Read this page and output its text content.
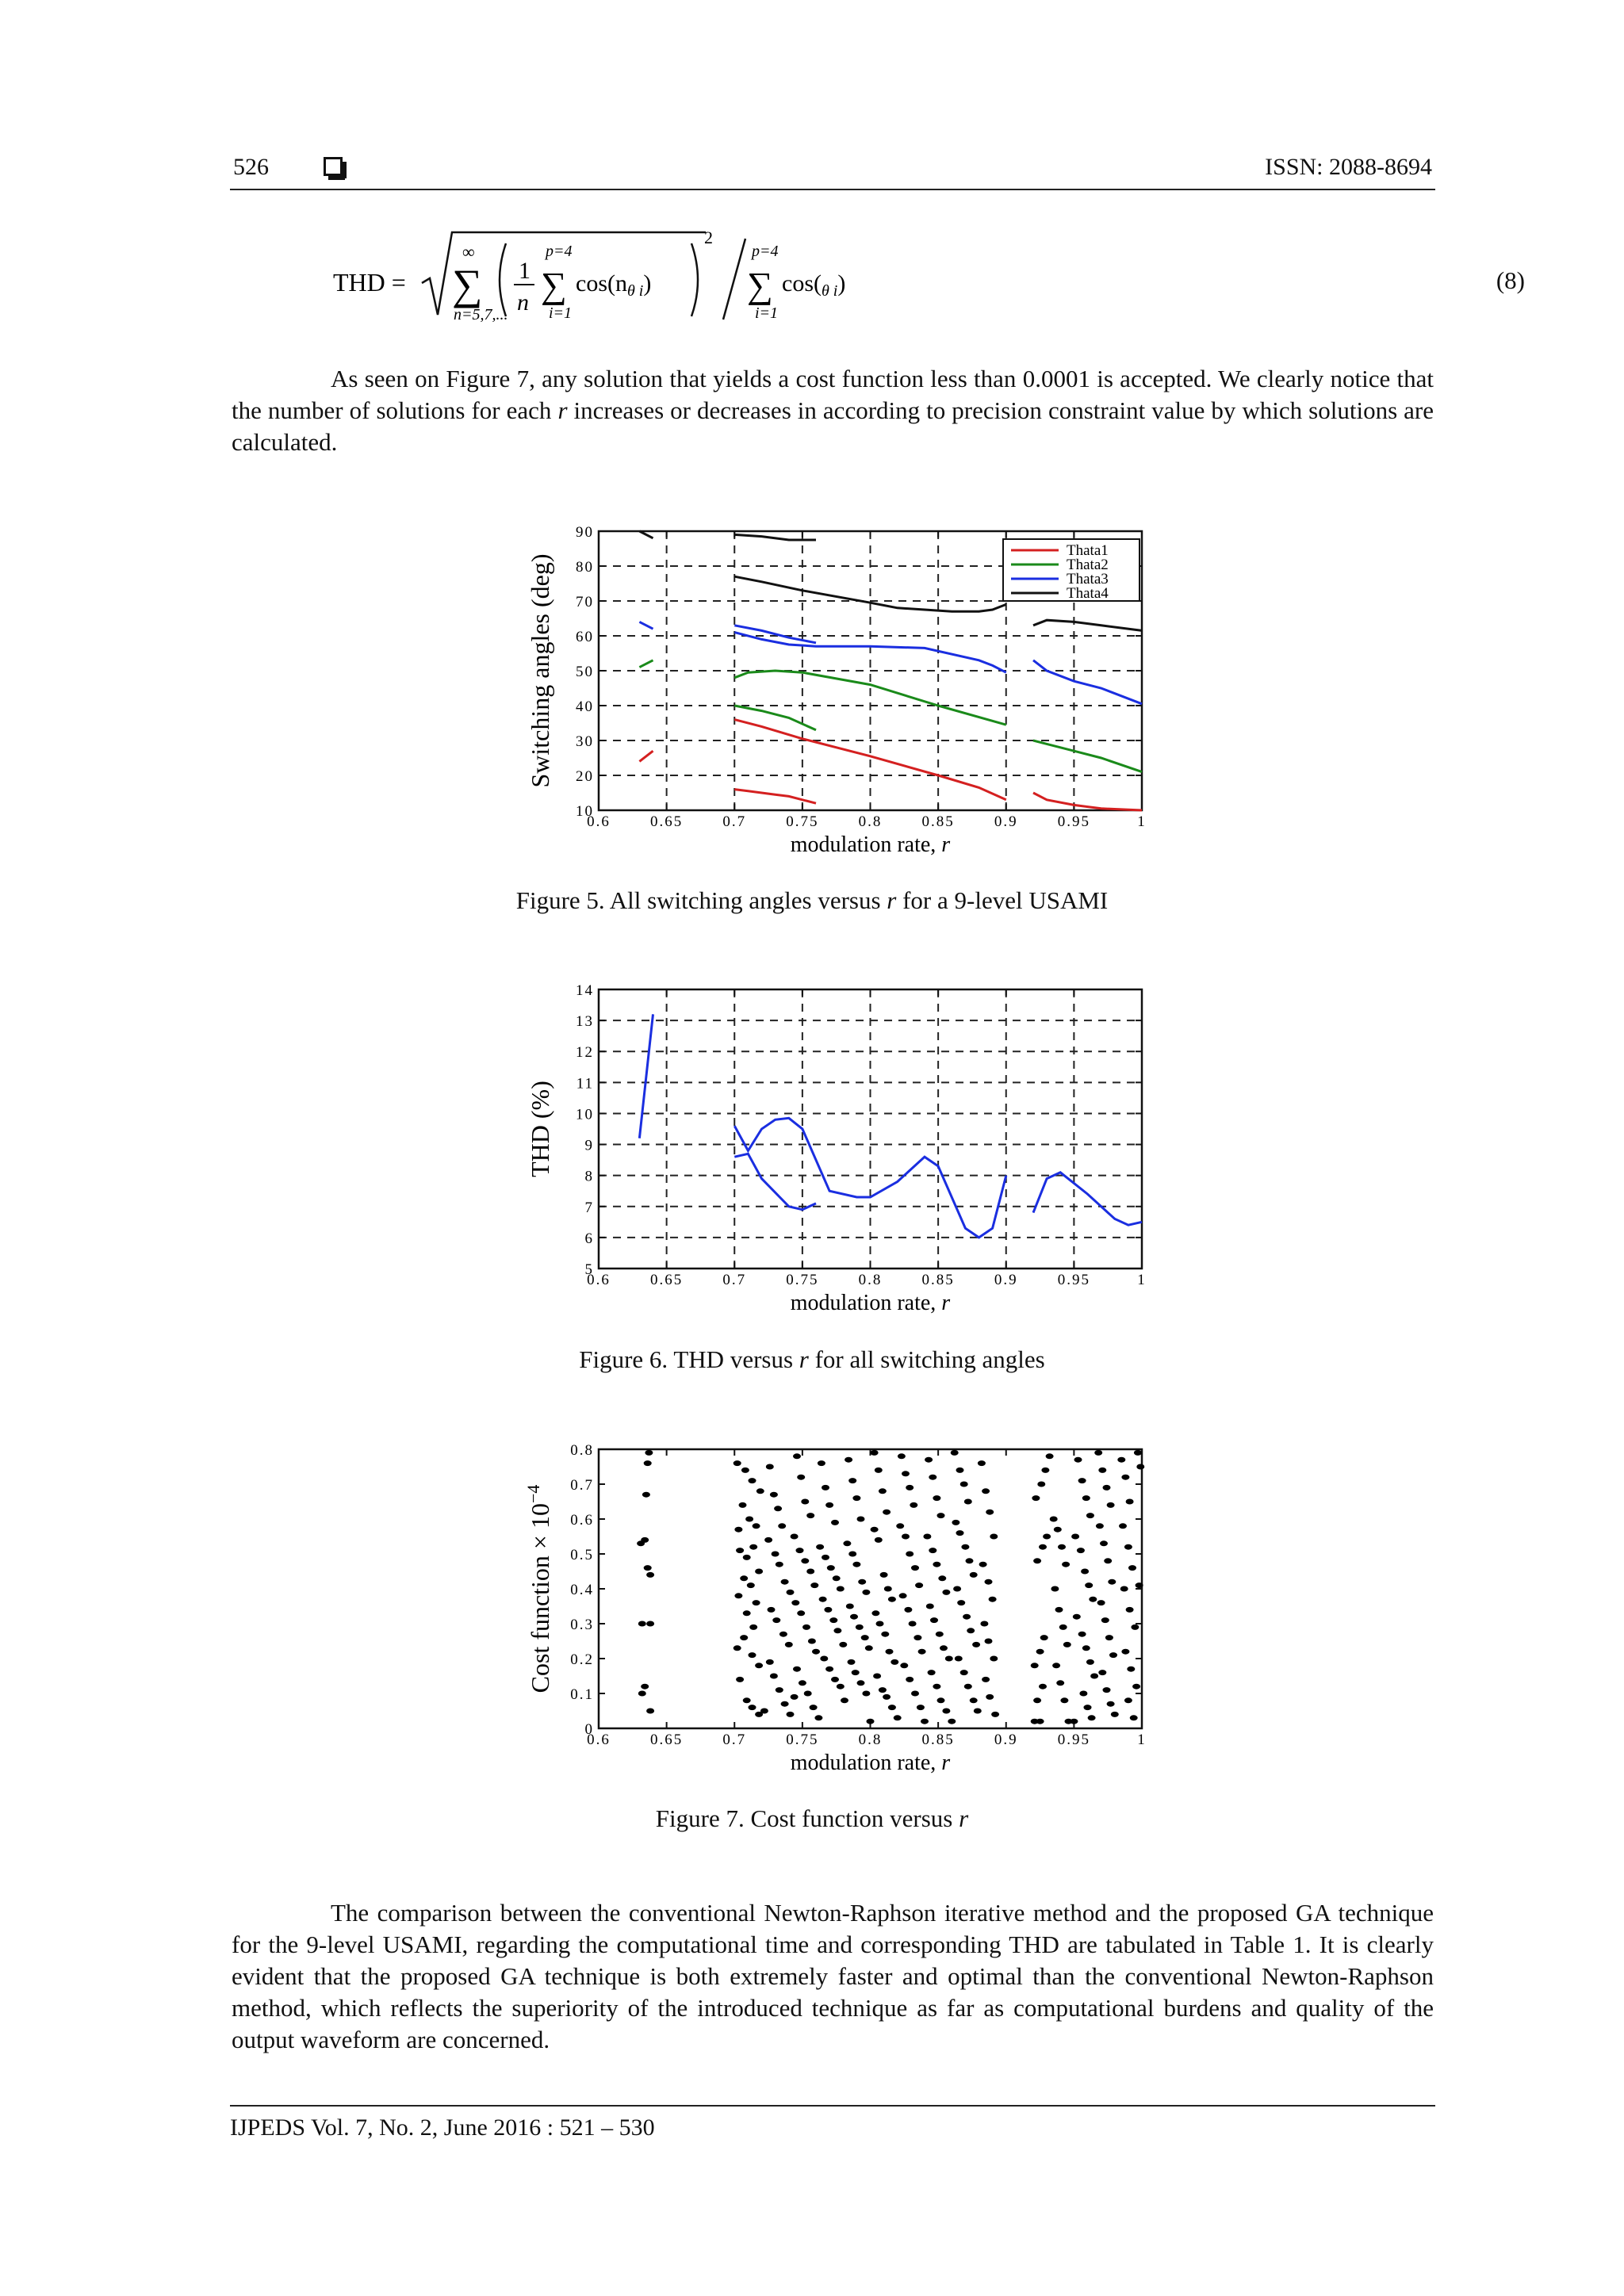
526	ISSN: 2088-8694
THD =
∞
∑
n=5,7,...
1
n
p=4
∑
i=1
$\cos(n_{\theta i})$
2
p=4
∑
i=1
$\cos(_{\theta i})$	(8)

As seen on Figure 7, any solution that yields a cost function less than 0.0001 is accepted. We clearly notice that the number of solutions for each r increases or decreases in according to precision constraint value by which solutions are calculated.

0.6	0.65	0.7	0.75	0.8	0.85	0.9	0.95	1
10
20
30
40
50
60
70
80
90
modulation rate, r
Switching angles (deg)
Thata1
Thata2
Thata3
Thata4
Figure 5. All switching angles versus r for a 9-level USAMI
0.6	0.65	0.7	0.75	0.8	0.85	0.9	0.95	1
5
6
7
8
9
10
11
12
13
14
modulation rate, r
THD (%)
Figure 6. THD versus r for all switching angles
0.6	0.65	0.7	0.75	0.8	0.85	0.9	0.95	1
0
0.1
0.2
0.3
0.4
0.5
0.6
0.7
0.8
modulation rate, r
Cost function × $10^{-4}$
Figure 7. Cost function versus r

The comparison between the conventional Newton-Raphson iterative method and the proposed GA technique for the 9-level USAMI, regarding the computational time and corresponding THD are tabulated in Table 1. It is clearly evident that the proposed GA technique is both extremely faster and optimal than the conventional Newton-Raphson method, which reflects the superiority of the introduced technique as far as computational burdens and quality of the output waveform are concerned.

IJPEDS Vol. 7, No. 2, June 2016 : 521 – 530
